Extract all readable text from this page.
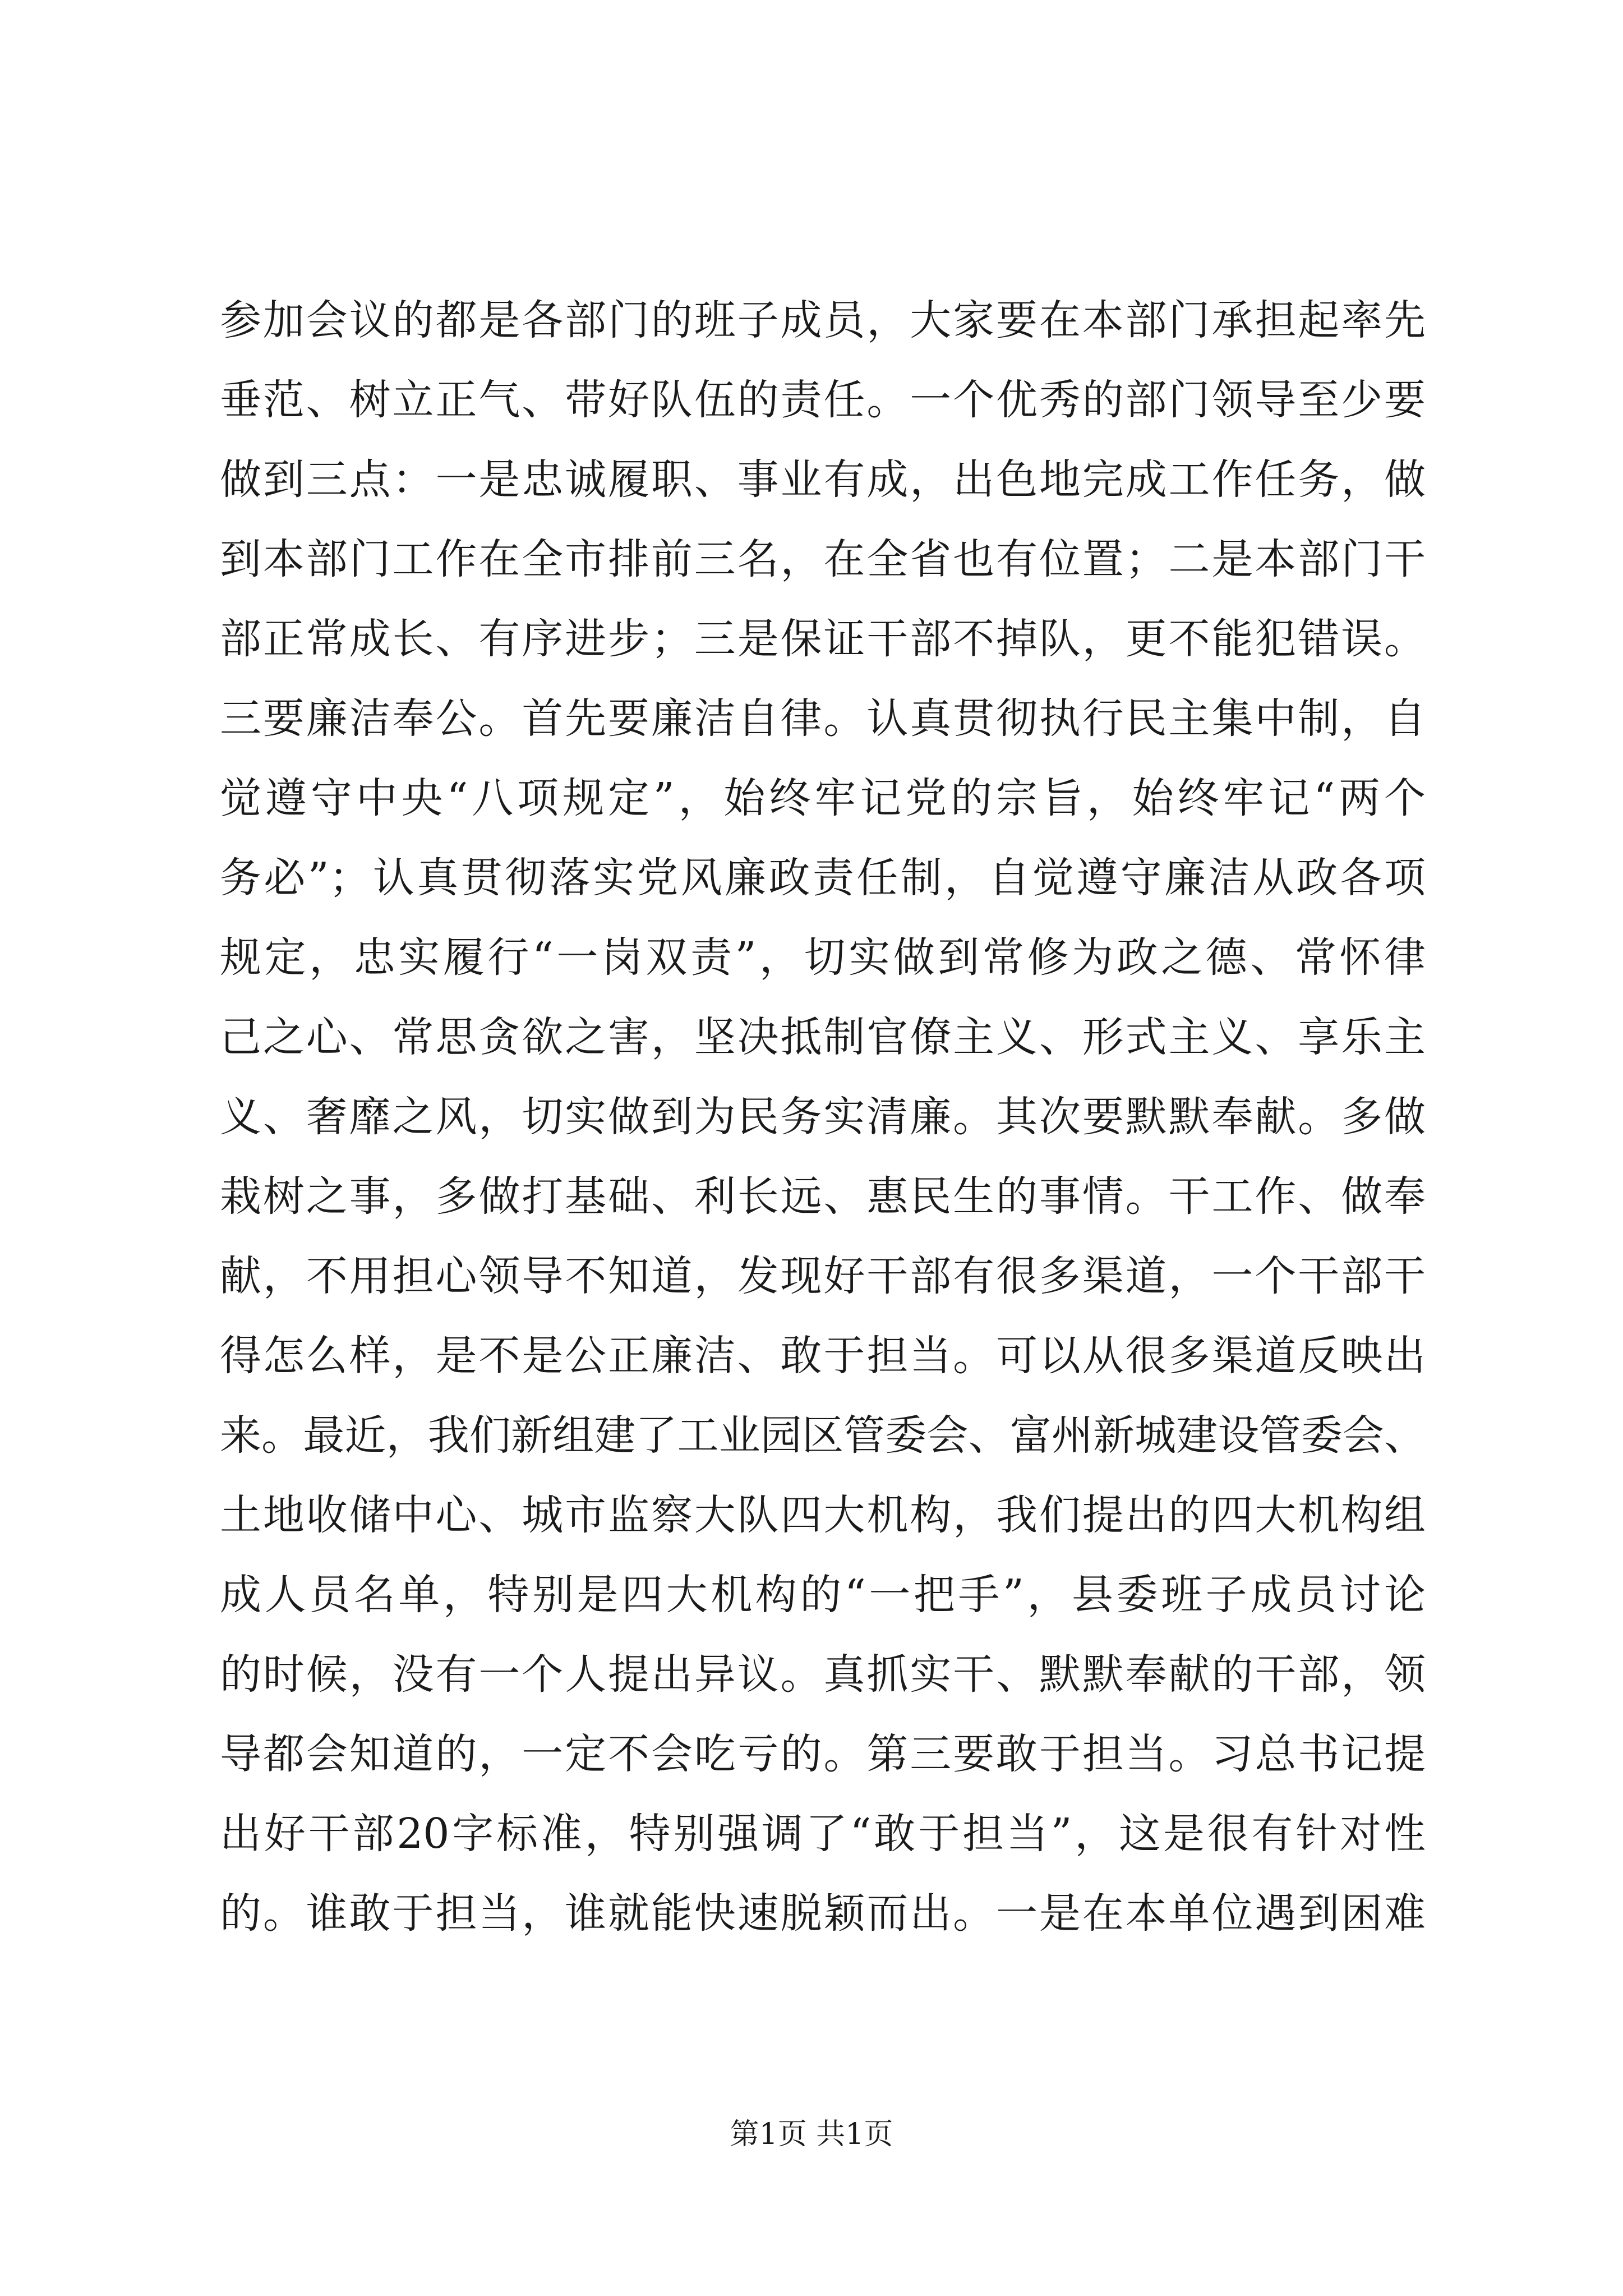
参加会议的都是各部门的班子成员，大家要在本部门承担起率先
垂范、树立正气、带好队伍的责任。一个优秀的部门领导至少要
做到三点：一是忠诚履职、事业有成，出色地完成工作任务，做
到本部门工作在全市排前三名，在全省也有位置；二是本部门干
部正常成长、有序进步；三是保证干部不掉队，更不能犯错误。
三要廉洁奉公。首先要廉洁自律。认真贯彻执行民主集中制，自
觉遵守中央“八项规定”，始终牢记党的宗旨，始终牢记“两个
务必”；认真贯彻落实党风廉政责任制，自觉遵守廉洁从政各项
规定，忠实履行“一岗双责”，切实做到常修为政之德、常怀律
己之心、常思贪欲之害，坚决抵制官僚主义、形式主义、享乐主
义、奢靡之风，切实做到为民务实清廉。其次要默默奉献。多做
栽树之事，多做打基础、利长远、惠民生的事情。干工作、做奉
献，不用担心领导不知道，发现好干部有很多渠道，一个干部干
得怎么样，是不是公正廉洁、敢于担当。可以从很多渠道反映出
来。最近，我们新组建了工业园区管委会、富州新城建设管委会、
土地收储中心、城市监察大队四大机构，我们提出的四大机构组
成人员名单，特别是四大机构的“一把手”，县委班子成员讨论
的时候，没有一个人提出异议。真抓实干、默默奉献的干部，领
导都会知道的，一定不会吃亏的。第三要敢于担当。习总书记提
出好干部20字标准，特别强调了“敢于担当”，这是很有针对性
的。谁敢于担当，谁就能快速脱颖而出。一是在本单位遇到困难
第1页 共1页
